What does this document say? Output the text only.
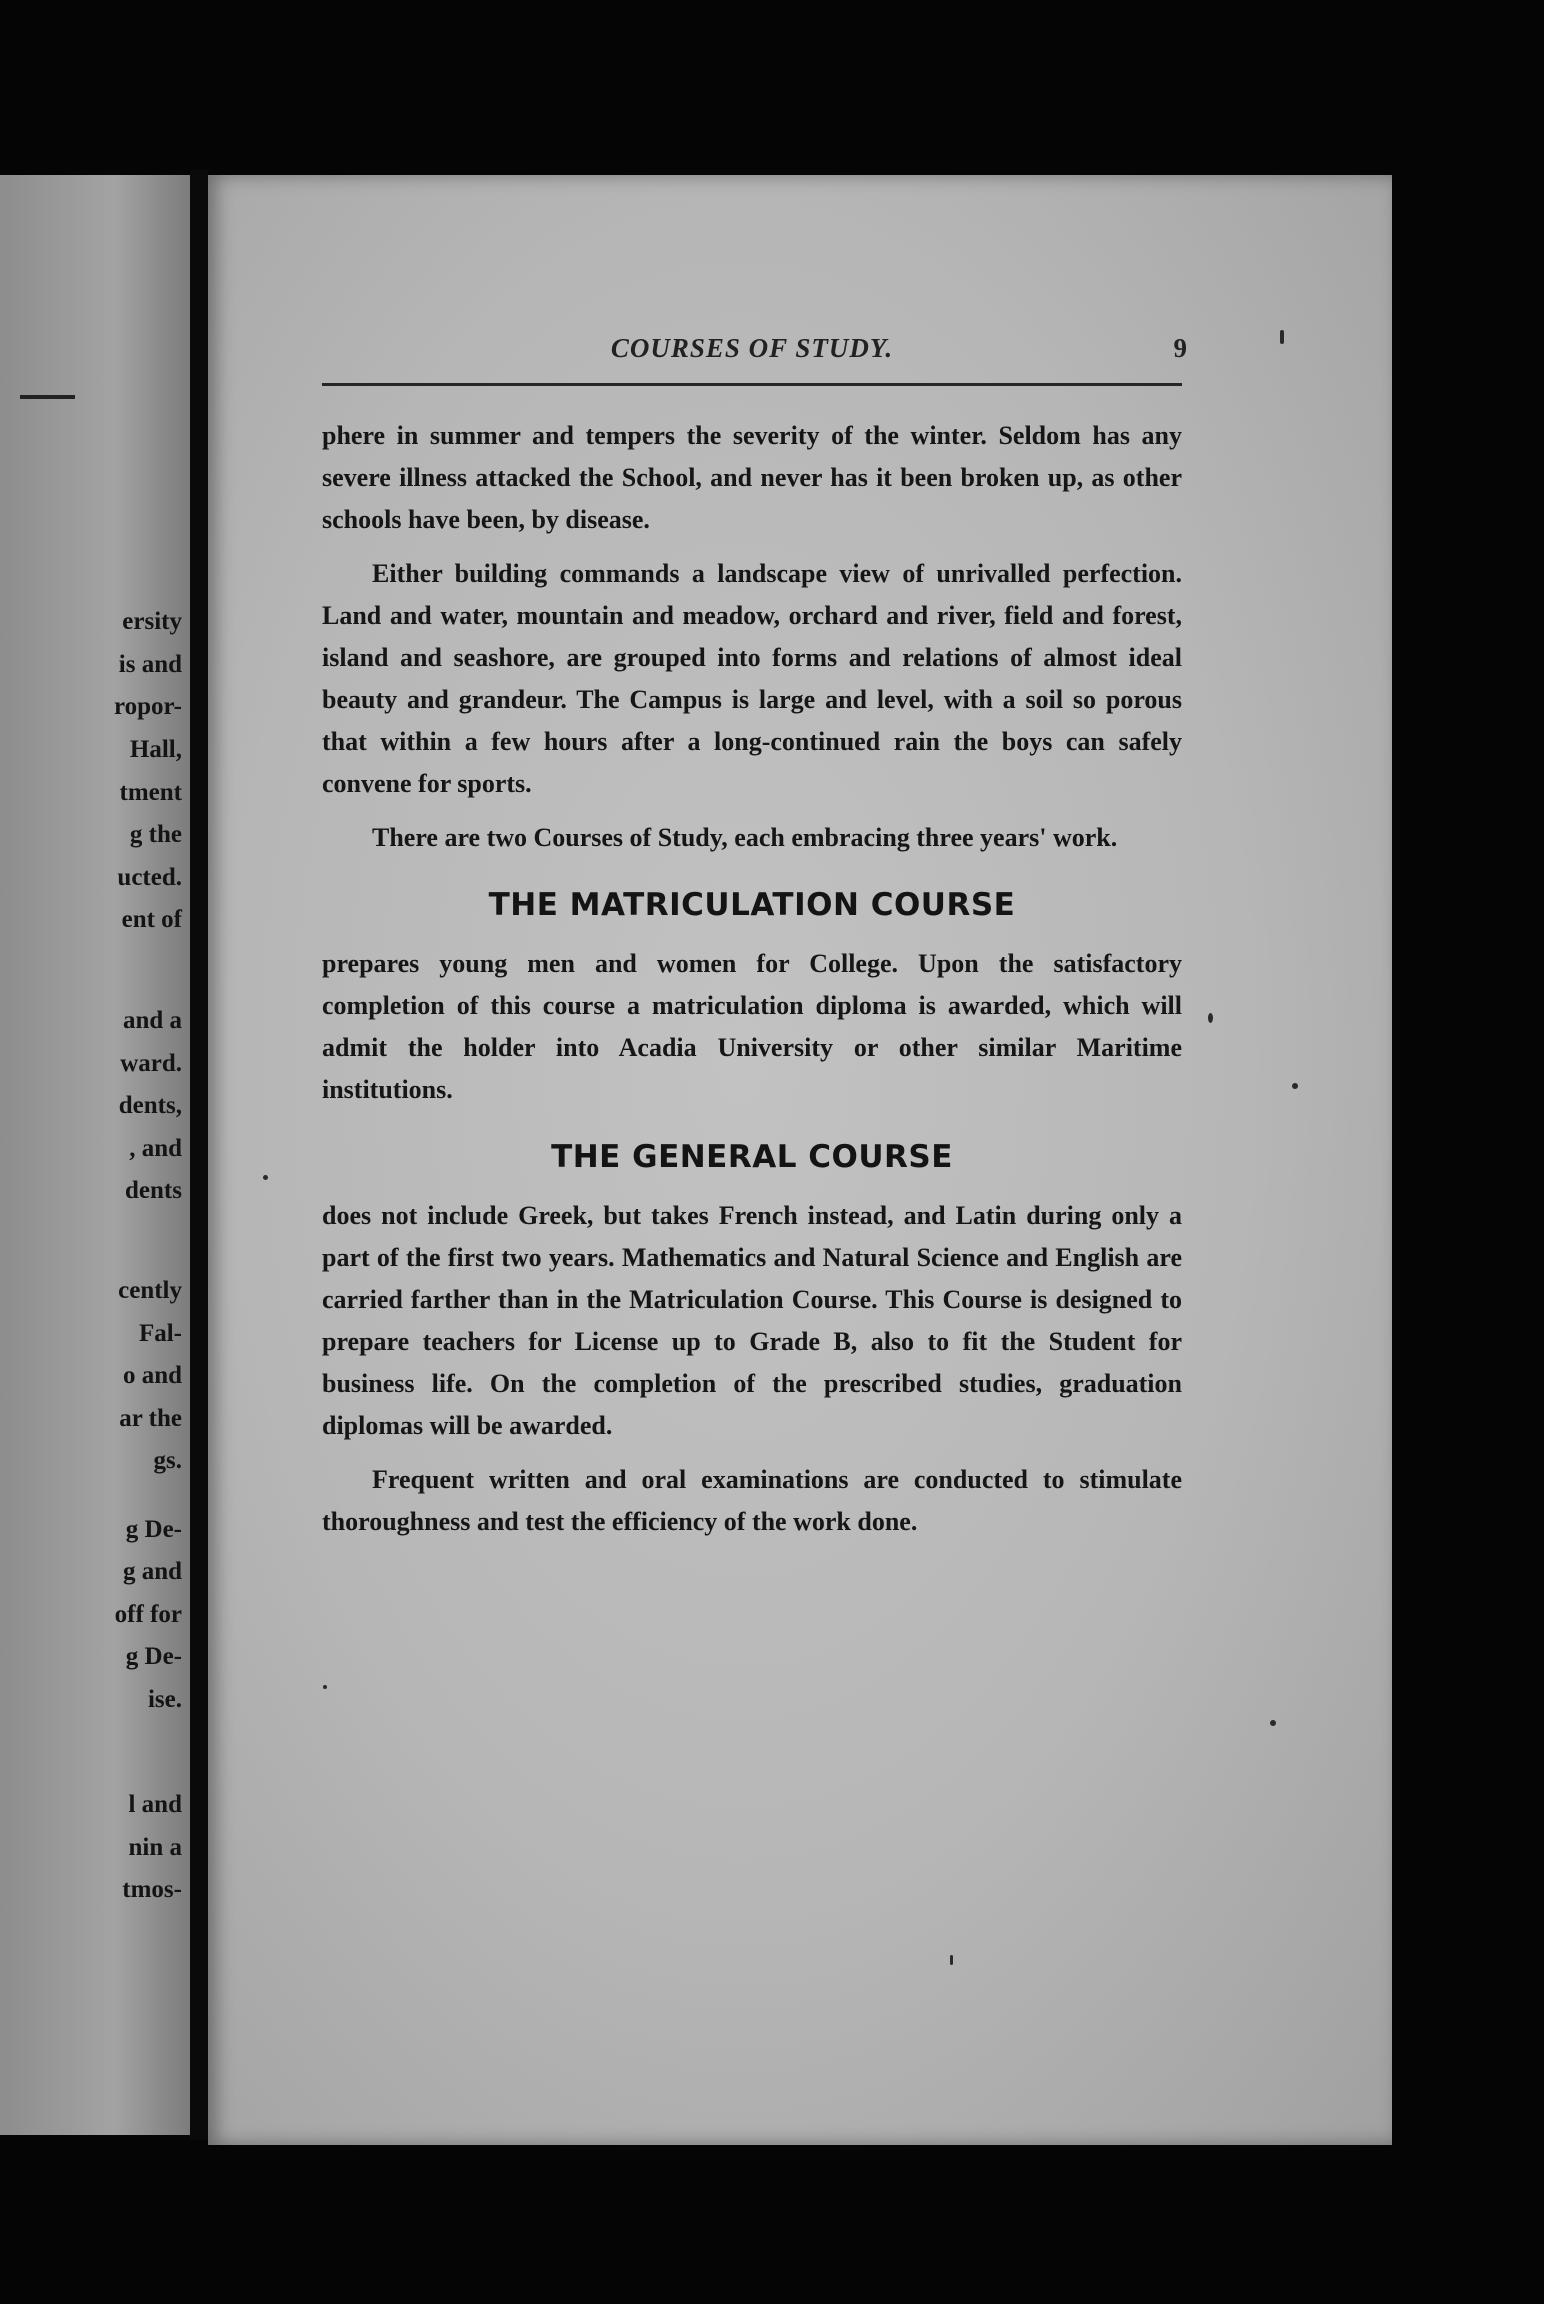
ersity
is and
ropor-
Hall,
tment
g the
ucted.
ent of
and a
ward.
dents,
, and
dents
cently
Fal-
o and
ar the
gs.
g De-
g and
off for
g De-
ise.
l and
nin a
tmos-
COURSES OF STUDY.	9

phere in summer and tempers the severity of the winter. Seldom has any severe illness attacked the School, and never has it been broken up, as other schools have been, by disease.

Either building commands a landscape view of unrivalled perfection. Land and water, mountain and meadow, orchard and river, field and forest, island and seashore, are grouped into forms and relations of almost ideal beauty and grandeur. The Campus is large and level, with a soil so porous that within a few hours after a long-continued rain the boys can safely convene for sports.

There are two Courses of Study, each embracing three years' work.

THE MATRICULATION COURSE

prepares young men and women for College. Upon the satisfactory completion of this course a matriculation diploma is awarded, which will admit the holder into Acadia University or other similar Maritime institutions.

THE GENERAL COURSE

does not include Greek, but takes French instead, and Latin during only a part of the first two years. Mathematics and Natural Science and English are carried farther than in the Matriculation Course. This Course is designed to prepare teachers for License up to Grade B, also to fit the Student for business life. On the completion of the prescribed studies, graduation diplomas will be awarded.

Frequent written and oral examinations are conducted to stimulate thoroughness and test the efficiency of the work done.
